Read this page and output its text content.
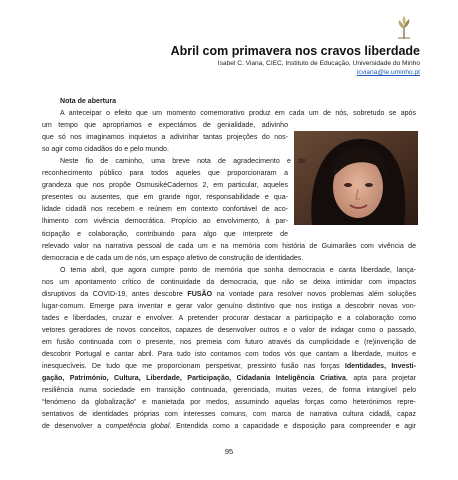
Abril com primavera nos cravos liberdade
Isabel C. Viana, CIEC, Instituto de Educação, Universidade do Minho
icviana@ie.uminho.pt
Nota de abertura
A anteceipar o efeito que um momento comemorativo produz em cada um de nós, sobretudo se após
um tempo que apropriamos e expectámos de genialidade, adivinho
que só nos imaginamos inquietos a adivinhar tantas projeções do nos-
so agir como cidadãos do e pelo mundo.
Neste fio de caminho, uma breve nota de agradecimento e de
reconhecimento público para todos aqueles que proporcionaram a
grandeza que nos propõe OsmusikéCadernos 2, em particular, aqueles
presentes ou ausentes, que em grande rigor, responsabilidade e qua-
lidade cidadã nos recebem e reúnem em contexto confortável de aco-
lhimento com vivência democrática. Propício ao envolvimento, à par-
ticipação e colaboração, contribuindo para algo que interprete de
relevado valor na narrativa pessoal de cada um e na memória com história de Guimarães com vivência de
democracia e de cada um de nós, um espaço afetivo de construção de identidades.
O tema abril, que agora cumpre ponto de memória que sonha democracia e canta liberdade, lança-
nos um apontamento crítico de continuidade da democracia, que não se deixa intimidar com impactos
disruptivos da COVID-19, antes descobre FUSÃO na vontade para resolver novos problemas além soluções
lugar-comum. Emerge para inventar e gerar valor genuíno distintivo que nos instiga a descobrir novas von-
tades e liberdades, cruzar e envolver. A pretender procurar destacar a participação e a colaboração como
vetores geradores de novos conceitos, capazes de desenvolver outros e o valor de indagar como o passado,
em fusão continuada com o presente, nos premeia com futuro através da cumplicidade e (re)invenção de
descobrir Portugal e cantar abril. Para tudo isto contamos com todos vós que cantam a liberdade, muitos e
inesquecíveis. De tudo que me proporcionam perspetivar, pressinto fusão nas forças Identidades, Investi-
gação, Património, Cultura, Liberdade, Participação, Cidadania Inteligência Criativa, apta para projetar
resiliência numa sociedade em transição continuada, gerenciada, muitas vezes, de forma intangível pelo
“fenómeno da globalização” e manietada por medos, assumindo aquelas forças como heterónimos repre-
sentativos de identidades próprias com interesses comuns, com marca de narrativa cultura cidadã, capaz
de desenvolver a competência global. Entendida como a capacidade e disposição para compreender e agir
95
